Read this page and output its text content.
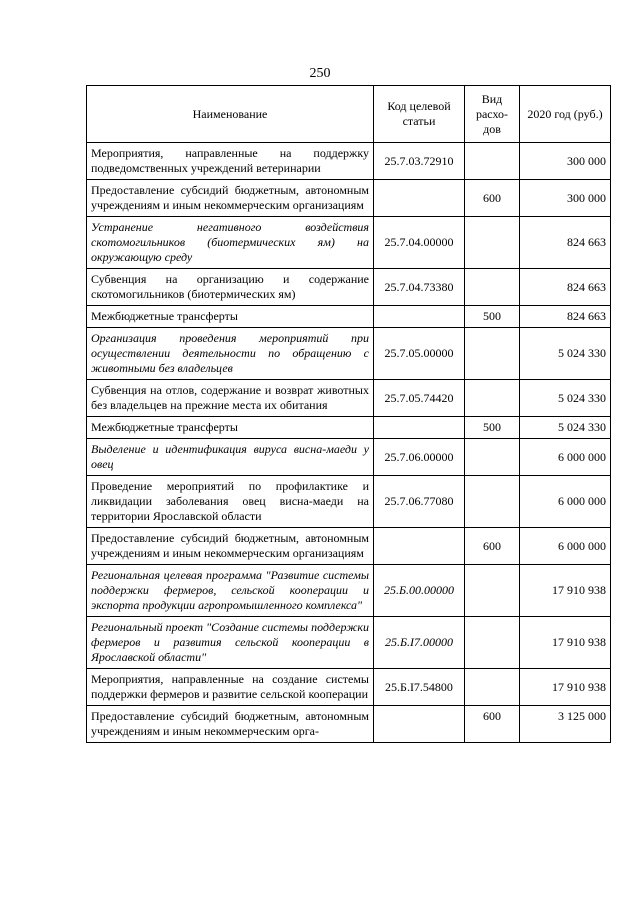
250
Наименование	Код целевой статьи	Вид расхо-дов	2020 год (руб.)
Мероприятия, направленные на поддержку подведомственных учреждений ветеринарии	25.7.03.72910		300 000
Предоставление субсидий бюджетным, автономным учреждениям и иным некоммерческим организациям		600	300 000
Устранение негативного воздействия скотомогильников (биотермических ям) на окружающую среду	25.7.04.00000		824 663
Субвенция на организацию и содержание скотомогильников (биотермических ям)	25.7.04.73380		824 663
Межбюджетные трансферты		500	824 663
Организация проведения мероприятий при осуществлении деятельности по обращению с животными без владельцев	25.7.05.00000		5 024 330
Субвенция на отлов, содержание и возврат животных без владельцев на прежние места их обитания	25.7.05.74420		5 024 330
Межбюджетные трансферты		500	5 024 330
Выделение и идентификация вируса висна-маеди у овец	25.7.06.00000		6 000 000
Проведение мероприятий по профилактике и ликвидации заболевания овец висна-маеди на территории Ярославской области	25.7.06.77080		6 000 000
Предоставление субсидий бюджетным, автономным учреждениям и иным некоммерческим организациям		600	6 000 000
Региональная целевая программа "Развитие системы поддержки фермеров, сельской кооперации и экспорта продукции агропромышленного комплекса"	25.Б.00.00000		17 910 938
Региональный проект "Создание системы поддержки фермеров и развития сельской кооперации в Ярославской области"	25.Б.I7.00000		17 910 938
Мероприятия, направленные на создание системы поддержки фермеров и развитие сельской кооперации	25.Б.I7.54800		17 910 938
Предоставление субсидий бюджетным, автономным учреждениям и иным некоммерческим орга-		600	3 125 000
